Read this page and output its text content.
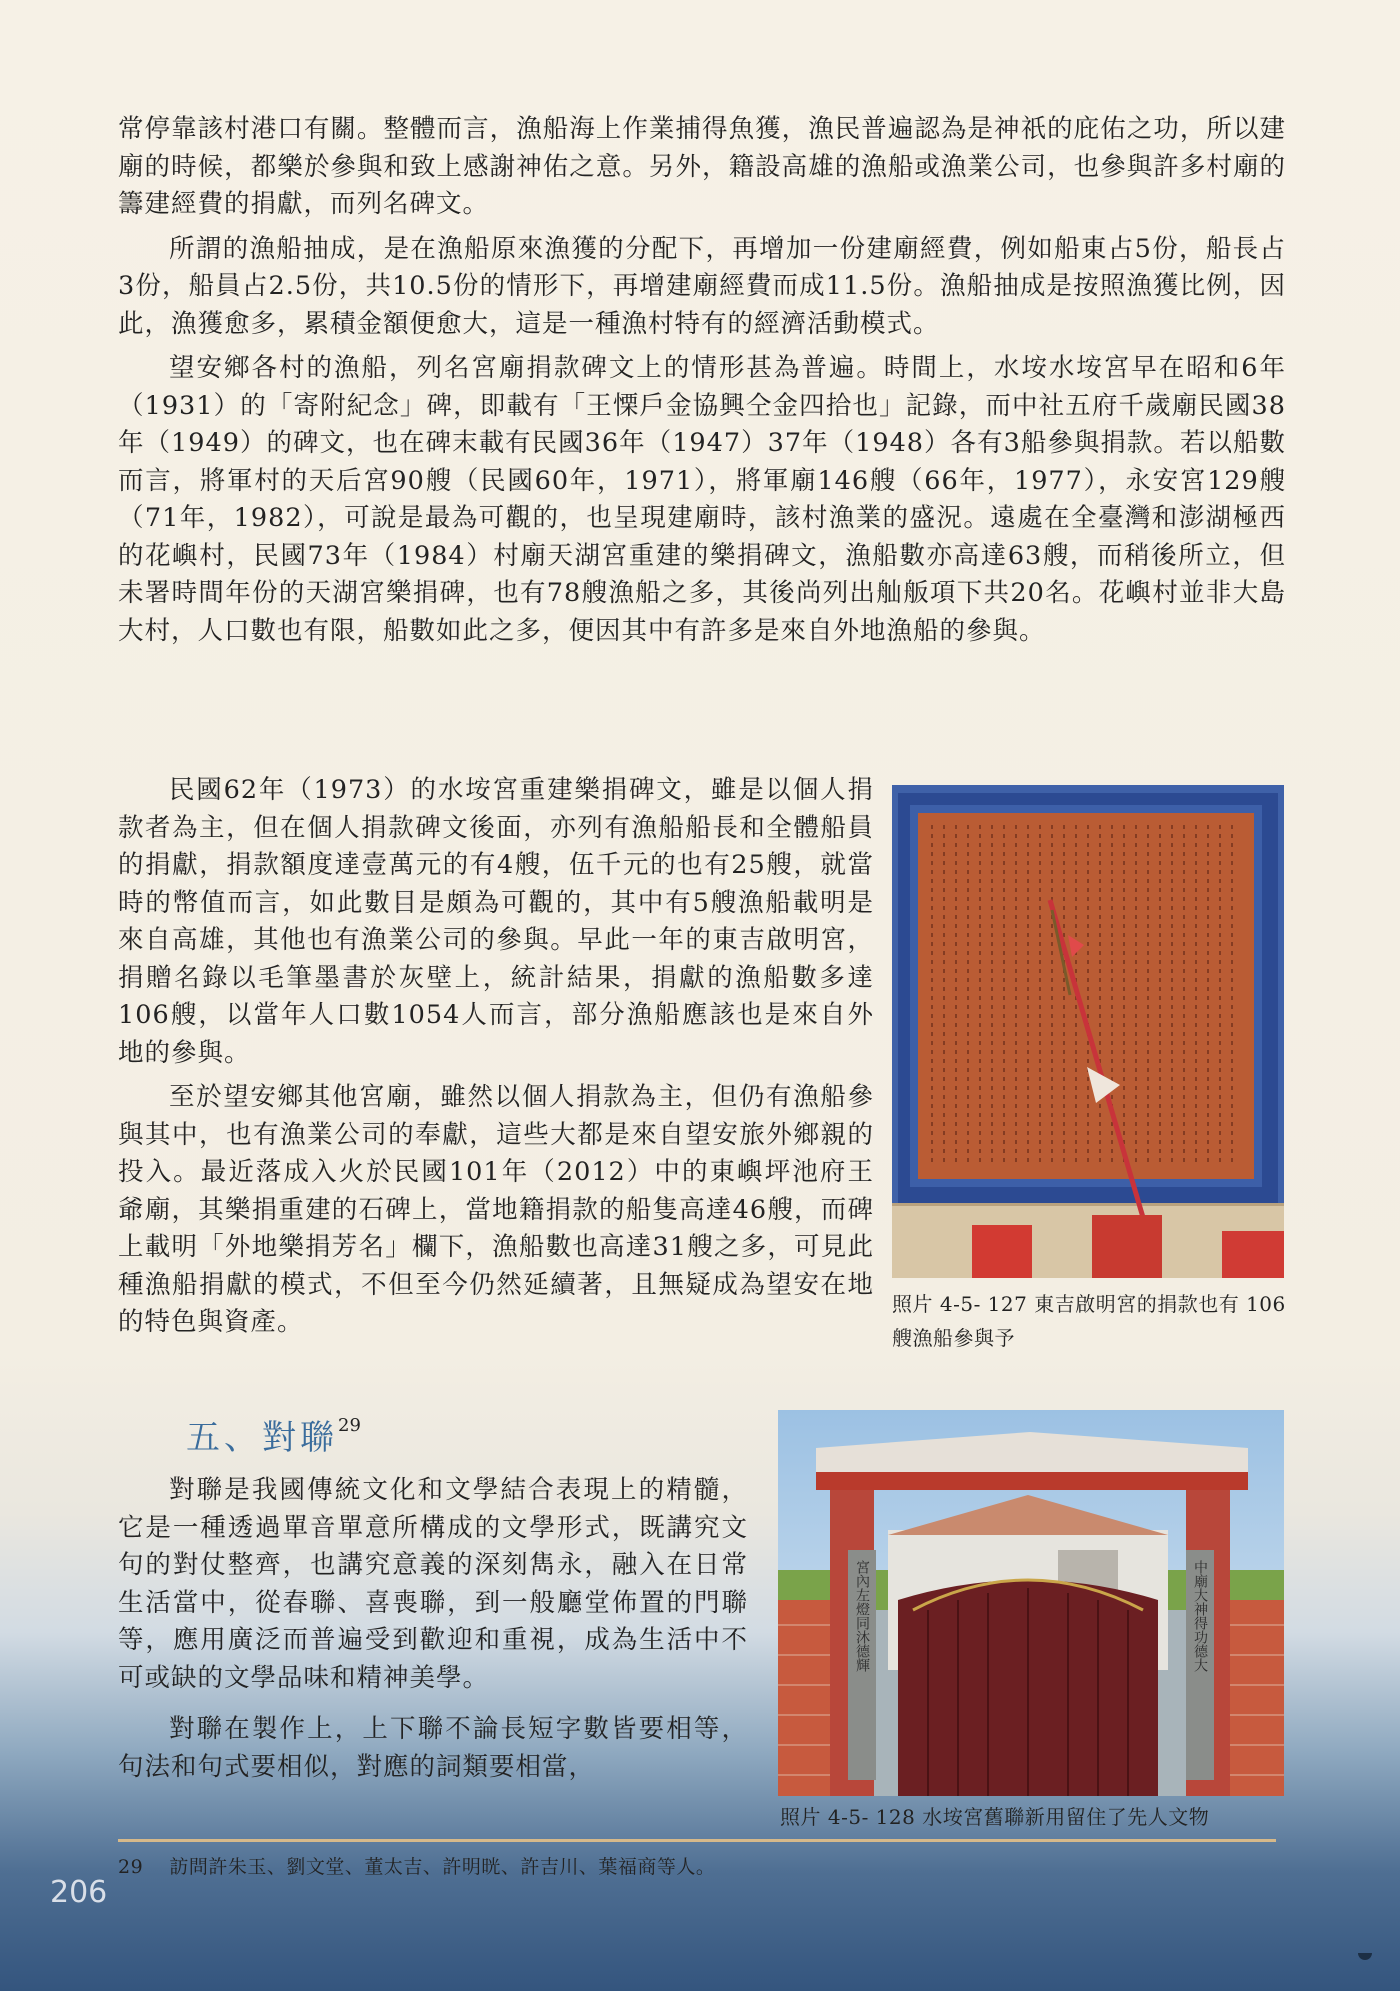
常停靠該村港口有關。整體而言，漁船海上作業捕得魚獲，漁民普遍認為是神祇的庇佑之功，所以建廟的時候，都樂於參與和致上感謝神佑之意。另外，籍設高雄的漁船或漁業公司，也參與許多村廟的籌建經費的捐獻，而列名碑文。

所謂的漁船抽成，是在漁船原來漁獲的分配下，再增加一份建廟經費，例如船東占5份，船長占3份，船員占2.5份，共10.5份的情形下，再增建廟經費而成11.5份。漁船抽成是按照漁獲比例，因此，漁獲愈多，累積金額便愈大，這是一種漁村特有的經濟活動模式。

望安鄉各村的漁船，列名宮廟捐款碑文上的情形甚為普遍。時間上，水垵水垵宮早在昭和6年（1931）的「寄附紀念」碑，即載有「王慄戶金協興仝金四拾也」記錄，而中社五府千歲廟民國38年（1949）的碑文，也在碑末載有民國36年（1947）37年（1948）各有3船參與捐款。若以船數而言，將軍村的天后宮90艘（民國60年，1971），將軍廟146艘（66年，1977），永安宮129艘（71年，1982），可說是最為可觀的，也呈現建廟時，該村漁業的盛況。遠處在全臺灣和澎湖極西的花嶼村，民國73年（1984）村廟天湖宮重建的樂捐碑文，漁船數亦高達63艘，而稍後所立，但未署時間年份的天湖宮樂捐碑，也有78艘漁船之多，其後尚列出舢舨項下共20名。花嶼村並非大島大村，人口數也有限，船數如此之多，便因其中有許多是來自外地漁船的參與。

民國62年（1973）的水垵宮重建樂捐碑文，雖是以個人捐款者為主，但在個人捐款碑文後面，亦列有漁船船長和全體船員的捐獻，捐款額度達壹萬元的有4艘，伍千元的也有25艘，就當時的幣值而言，如此數目是頗為可觀的，其中有5艘漁船載明是來自高雄，其他也有漁業公司的參與。早此一年的東吉啟明宮，捐贈名錄以毛筆墨書於灰壁上，統計結果，捐獻的漁船數多達106艘，以當年人口數1054人而言，部分漁船應該也是來自外地的參與。

至於望安鄉其他宮廟，雖然以個人捐款為主，但仍有漁船參與其中，也有漁業公司的奉獻，這些大都是來自望安旅外鄉親的投入。最近落成入火於民國101年（2012）中的東嶼坪池府王爺廟，其樂捐重建的石碑上，當地籍捐款的船隻高達46艘，而碑上載明「外地樂捐芳名」欄下，漁船數也高達31艘之多，可見此種漁船捐獻的模式，不但至今仍然延續著，且無疑成為望安在地的特色與資產。

照片 4-5- 127 東吉啟明宮的捐款也有 106 艘漁船參與予
五、對聯$^{29}$

對聯是我國傳統文化和文學結合表現上的精髓，它是一種透過單音單意所構成的文學形式，既講究文句的對仗整齊，也講究意義的深刻雋永，融入在日常生活當中，從春聯、喜喪聯，到一般廳堂佈置的門聯等，應用廣泛而普遍受到歡迎和重視，成為生活中不可或缺的文學品味和精神美學。

對聯在製作上，上下聯不論長短字數皆要相等，句法和句式要相似，對應的詞類要相當，

宮內左燈同沐德輝	中廟大神得功德大
照片 4-5- 128 水垵宮舊聯新用留住了先人文物
29 訪問許朱玉、劉文堂、董太吉、許明晄、許吉川、葉福商等人。
206
